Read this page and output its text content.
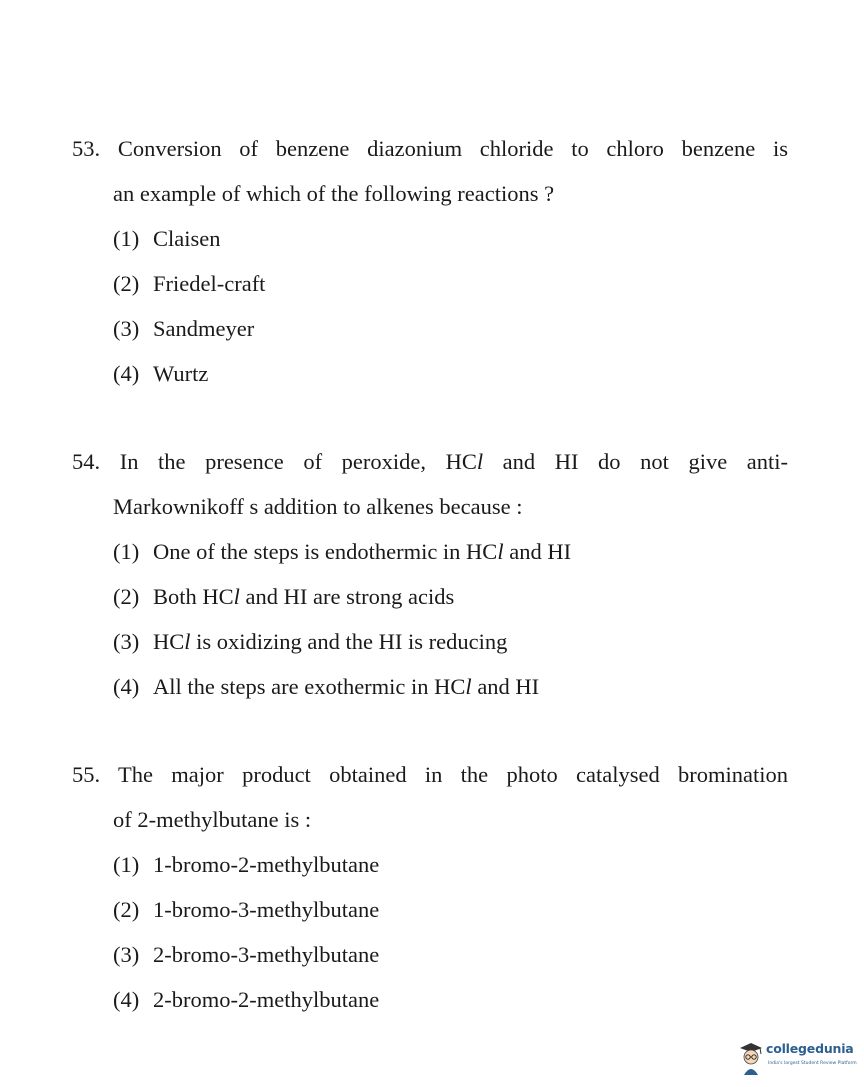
53. Conversion of benzene diazonium chloride to chloro benzene is
an example of which of the following reactions ?

(1) Claisen
(2) Friedel-craft
(3) Sandmeyer
(4) Wurtz

54. In the presence of peroxide, HCl and HI do not give anti-
Markownikoff s addition to alkenes because :

(1) One of the steps is endothermic in HCl and HI
(2) Both HCl and HI are strong acids
(3) HCl is oxidizing and the HI is reducing
(4) All the steps are exothermic in HCl and HI

55. The major product obtained in the photo catalysed bromination
of 2-methylbutane is :

(1) 1-bromo-2-methylbutane
(2) 1-bromo-3-methylbutane
(3) 2-bromo-3-methylbutane
(4) 2-bromo-2-methylbutane
collegedunia
India's largest Student Review Platform
